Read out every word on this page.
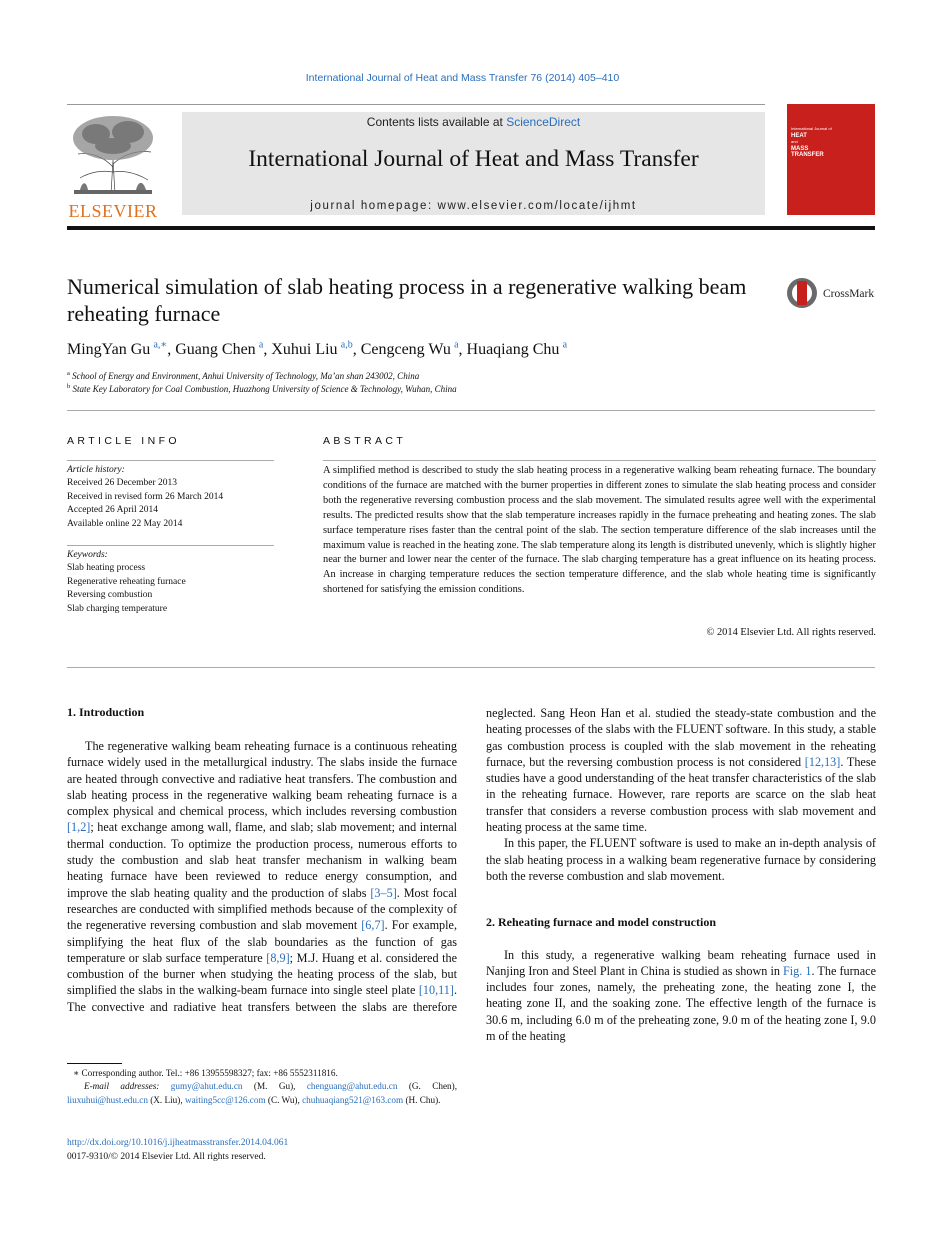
International Journal of Heat and Mass Transfer 76 (2014) 405–410
ELSEVIER
Contents lists available at ScienceDirect
International Journal of Heat and Mass Transfer
journal homepage: www.elsevier.com/locate/ijhmt
International Journal of
HEAT
and
MASS
TRANSFER
Numerical simulation of slab heating process in a regenerative walking beam reheating furnace
CrossMark
MingYan Gu  $^{a,∗}$, Guang Chen  $^a$, Xuhui Liu  $^{a,b}$, Cengceng Wu  $^a$, Huaqiang Chu  $^a$
$^a$ School of Energy and Environment, Anhui University of Technology, Ma’an shan 243002, China
$^b$ State Key Laboratory for Coal Combustion, Huazhong University of Science & Technology, Wuhan, China
ARTICLE INFO
Article history:
Received 26 December 2013
Received in revised form 26 March 2014
Accepted 26 April 2014
Available online 22 May 2014
Keywords:
Slab heating process
Regenerative reheating furnace
Reversing combustion
Slab charging temperature
ABSTRACT
A simplified method is described to study the slab heating process in a regenerative walking beam reheating furnace. The boundary conditions of the furnace are matched with the burner properties in different zones to simulate the slab heating process and consider both the regenerative reversing combustion process and the slab movement. The simulated results agree well with the experimental results. The predicted results show that the slab temperature increases rapidly in the furnace preheating and heating zones. The slab surface temperature rises faster than the central point of the slab. The section temperature difference of the slab increases until the maximum value is reached in the heating zone. The slab temperature along its length is distributed unevenly, which is slightly higher near the burner and lower near the center of the furnace. The slab charging temperature has a great influence on its heating process. An increase in charging temperature reduces the section temperature difference, and the slab whole heating time is significantly shortened for satisfying the emission conditions.
© 2014 Elsevier Ltd. All rights reserved.
1. Introduction

The regenerative walking beam reheating furnace is a continuous reheating furnace widely used in the metallurgical industry. The slabs inside the furnace are heated through convective and radiative heat transfers. The combustion and slab heating process in the regenerative walking beam reheating furnace is a complex physical and chemical process, which includes reversing combustion [1,2]; heat exchange among wall, flame, and slab; slab movement; and internal thermal conduction. To optimize the production process, numerous efforts to study the combustion and slab heat transfer mechanism in walking beam heating furnace have been reviewed to reduce energy consumption, and improve the slab heating quality and the production of slabs [3–5]. Most focal researches are conducted with simplified methods because of the complexity of the regenerative reversing combustion and slab movement [6,7]. For example, simplifying the heat flux of the slab boundaries as the function of gas temperature or slab surface temperature [8,9]; M.J. Huang et al. considered the combustion of the burner when studying the heating process of the slab, but simplified the slabs in the walking-beam furnace into single steel plate [10,11]. The convective and radiative heat transfers between the slabs are therefore

∗ Corresponding author. Tel.: +86 13955598327; fax: +86 5552311816.
E-mail addresses: gumy@ahut.edu.cn (M. Gu), chenguang@ahut.edu.cn (G. Chen), liuxuhui@hust.edu.cn (X. Liu), waiting5cc@126.com (C. Wu), chuhuaqiang521@163.com (H. Chu).
http://dx.doi.org/10.1016/j.ijheatmasstransfer.2014.04.061
0017-9310/© 2014 Elsevier Ltd. All rights reserved.

neglected. Sang Heon Han et al. studied the steady-state combustion and the heating processes of the slabs with the FLUENT software. In this study, a stable gas combustion process is coupled with the slab movement in the reheating furnace, but the reversing combustion process is not considered [12,13]. These studies have a good understanding of the heat transfer characteristics of the slab in the reheating furnace. However, rare reports are scarce on the slab heat transfer that considers a reverse combustion process with slab movement and heating process at the same time.

In this paper, the FLUENT software is used to make an in-depth analysis of the slab heating process in a walking beam regenerative furnace by considering both the reverse combustion and slab movement.

2. Reheating furnace and model construction

In this study, a regenerative walking beam reheating furnace used in Nanjing Iron and Steel Plant in China is studied as shown in Fig. 1. The furnace includes four zones, namely, the preheating zone, the heating zone I, the heating zone II, and the soaking zone. The effective length of the furnace is 30.6 m, including 6.0 m of the preheating zone, 9.0 m of the heating zone I, 9.0 m of the heating
